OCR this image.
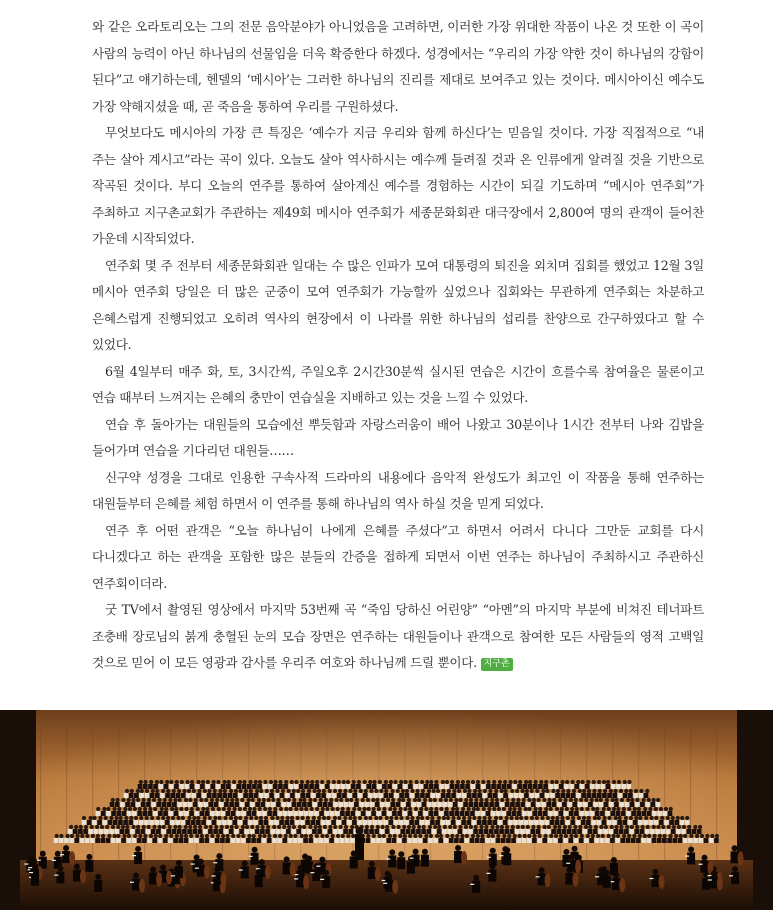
와 같은 오라토리오는 그의 전문 음악분야가 아니었음을 고려하면, 이러한 가장 위대한 작품이 나온 것 또한 이 곡이 사람의 능력이 아닌 하나님의 선물임을 더욱 확증한다 하겠다. 성경에서는 “우리의 가장 약한 것이 하나님의 강함이 된다”고 얘기하는데, 헨델의 ‘메시아’는 그러한 하나님의 진리를 제대로 보여주고 있는 것이다. 메시아이신 예수도 가장 약해지셨을 때, 곧 죽음을 통하여 우리를 구원하셨다.

무엇보다도 메시아의 가장 큰 특징은 ‘예수가 지금 우리와 함께 하신다’는 믿음일 것이다. 가장 직접적으로 “내 주는 살아 계시고”라는 곡이 있다. 오늘도 살아 역사하시는 예수께 들려질 것과 온 인류에게 알려질 것을 기반으로 작곡된 것이다. 부디 오늘의 연주를 통하여 살아계신 예수를 경험하는 시간이 되길 기도하며 “메시아 연주회”가 주최하고 지구촌교회가 주관하는 제49회 메시아 연주회가 세종문화회관 대극장에서 2,800여 명의 관객이 들어찬 가운데 시작되었다.

연주회 몇 주 전부터 세종문화회관 일대는 수 많은 인파가 모여 대통령의 퇴진을 외치며 집회를 했었고 12월 3일 메시아 연주회 당일은 더 많은 군중이 모여 연주회가 가능할까 싶었으나 집회와는 무관하게 연주회는 차분하고 은혜스럽게 진행되었고 오히려 역사의 현장에서 이 나라를 위한 하나님의 섭리를 찬양으로 간구하였다고 할 수 있었다.

6월 4일부터 매주 화, 토, 3시간씩, 주일오후 2시간30분씩 실시된 연습은 시간이 흐를수록 참여율은 물론이고 연습 때부터 느껴지는 은혜의 충만이 연습실을 지배하고 있는 것을 느낄 수 있었다.

연습 후 돌아가는 대원들의 모습에선 뿌듯함과 자랑스러움이 배어 나왔고 30분이나 1시간 전부터 나와 김밥을 들어가며 연습을 기다리던 대원들……

신구약 성경을 그대로 인용한 구속사적 드라마의 내용에다 음악적 완성도가 최고인 이 작품을 통해 연주하는 대원들부터 은혜를 체험 하면서 이 연주를 통해 하나님의 역사 하실 것을 믿게 되었다.

연주 후 어떤 관객은 “오늘 하나님이 나에게 은혜를 주셨다”고 하면서 어려서 다니다 그만둔 교회를 다시 다니겠다고 하는 관객을 포함한 많은 분들의 간증을 접하게 되면서 이번 연주는 하나님이 주최하시고 주관하신 연주회이더라.

굿 TV에서 촬영된 영상에서 마지막 53번째 곡 “죽임 당하신 어린양” “아멘”의 마지막 부분에 비쳐진 테너파트 조충배 장로님의 붉게 충혈된 눈의 모습 장면은 연주하는 대원들이나 관객으로 참여한 모든 사람들의 영적 고백일 것으로 믿어 이 모든 영광과 감사를 우리주 여호와 하나님께 드릴 뿐이다. 지구촌
